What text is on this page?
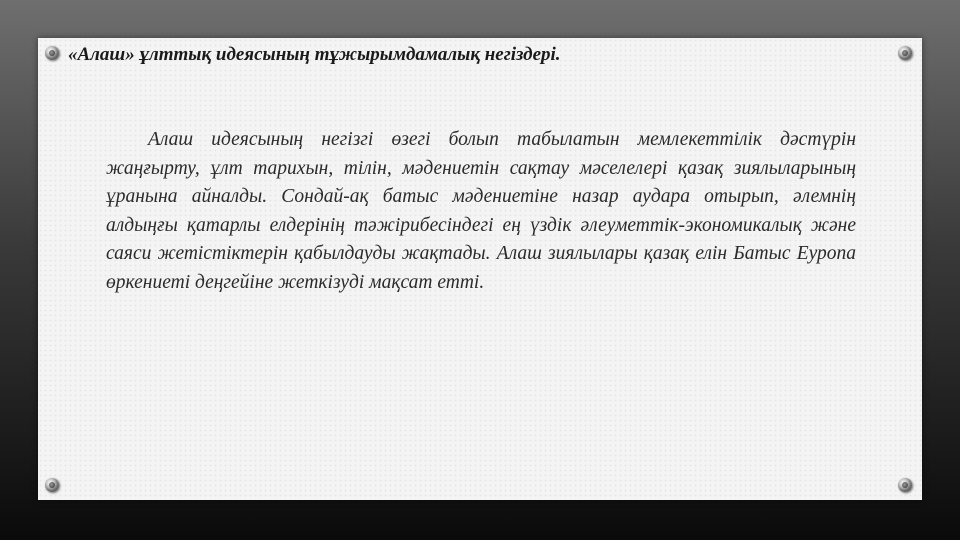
«Алаш» ұлттық идеясының тұжырымдамалық негіздері.

Алаш идеясының негізгі өзегі болып табылатын мемлекеттілік дәстүрін жаңғырту, ұлт тарихын, тілін, мәдениетін сақтау мәселелері қазақ зиялыларының ұранына айналды. Сондай-ақ батыс мәдениетіне назар аудара отырып, әлемнің алдыңғы қатарлы елдерінің тәжірибесіндегі ең үздік әлеуметтік-экономикалық және саяси жетістіктерін қабылдауды жақтады. Алаш зиялылары қазақ елін Батыс Еуропа өркениеті деңгейіне жеткізуді мақсат етті.
